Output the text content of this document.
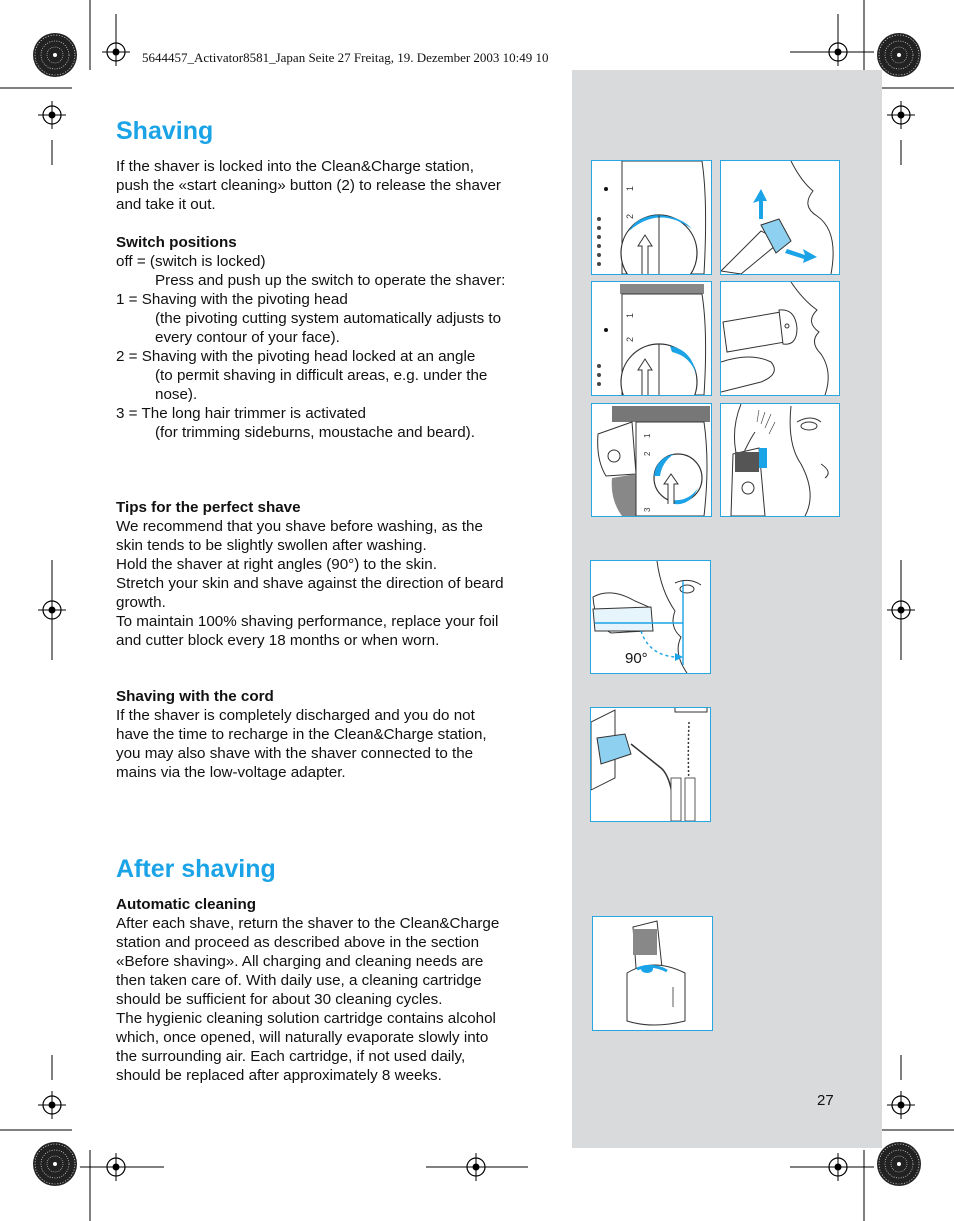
5644457_Activator8581_Japan Seite 27 Freitag, 19. Dezember 2003 10:49 10
Shaving

If the shaver is locked into the Clean&Charge station,

push the «start cleaning» button (2) to release the shaver

and take it out.

Switch positions

off = (switch is locked)

Press and push up the switch to operate the shaver:

1 = Shaving with the pivoting head

(the pivoting cutting system automatically adjusts to

every contour of your face).

2 = Shaving with the pivoting head locked at an angle

(to permit shaving in difficult areas, e.g. under the

nose).

3 = The long hair trimmer is activated

(for trimming sideburns, moustache and beard).

Tips for the perfect shave

We recommend that you shave before washing, as the

skin tends to be slightly swollen after washing.

Hold the shaver at right angles (90°) to the skin.

Stretch your skin and shave against the direction of beard

growth.

To maintain 100% shaving performance, replace your foil

and cutter block every 18 months or when worn.

Shaving with the cord

If the shaver is completely discharged and you do not

have the time to recharge in the Clean&Charge station,

you may also shave with the shaver connected to the

mains via the low-voltage adapter.

After shaving

Automatic cleaning

After each shave, return the shaver to the Clean&Charge

station and proceed as described above in the section

«Before shaving». All charging and cleaning needs are

then taken care of. With daily use, a cleaning cartridge

should be sufficient for about 30 cleaning cycles.

The hygienic cleaning solution cartridge contains alcohol

which, once opened, will naturally evaporate slowly into

the surrounding air. Each cartridge, if not used daily,

should be replaced after approximately 8 weeks.

27
1
2
1
2
1
2
3
90°
